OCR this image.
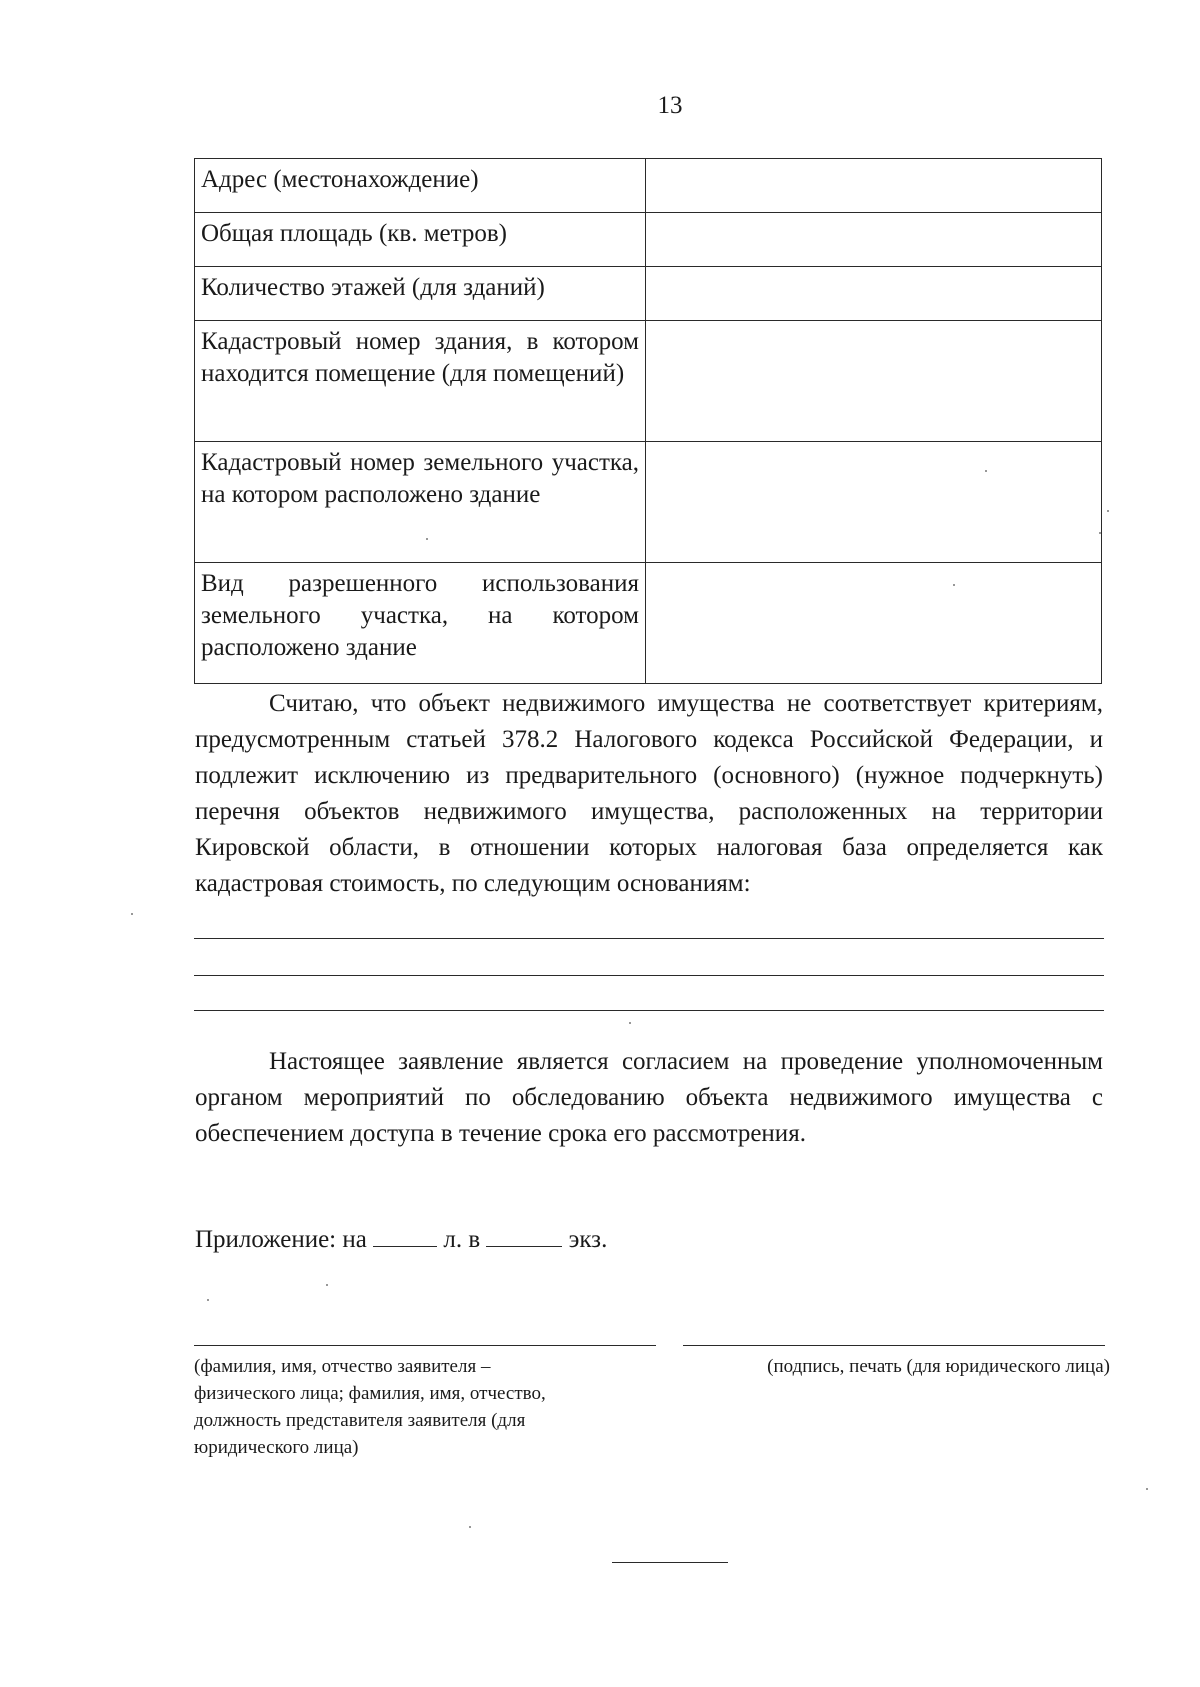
13
Адрес (местонахождение)	
Общая площадь (кв. метров)	
Количество этажей (для зданий)	
Кадастровый номер здания, в котором находится помещение (для помещений)	
Кадастровый номер земельного участка, на котором расположено здание	
Вид разрешенного использования земельного участка, на котором расположено здание	

Считаю, что объект недвижимого имущества не соответствует критериям, предусмотренным статьей 378.2 Налогового кодекса Российской Федерации, и подлежит исключению из предварительного (основного) (нужное подчеркнуть) перечня объектов недвижимого имущества, расположенных на территории Кировской области, в отношении которых налоговая база определяется как кадастровая стоимость, по следующим основаниям:

Настоящее заявление является согласием на проведение уполномоченным органом мероприятий по обследованию объекта недвижимого имущества с обеспечением доступа в течение срока его рассмотрения.

Приложение: на	л. в	экз.
(фамилия, имя, отчество заявителя – физического лица; фамилия, имя, отчество, должность представителя заявителя (для юридического лица)
(подпись, печать (для юридического лица)
